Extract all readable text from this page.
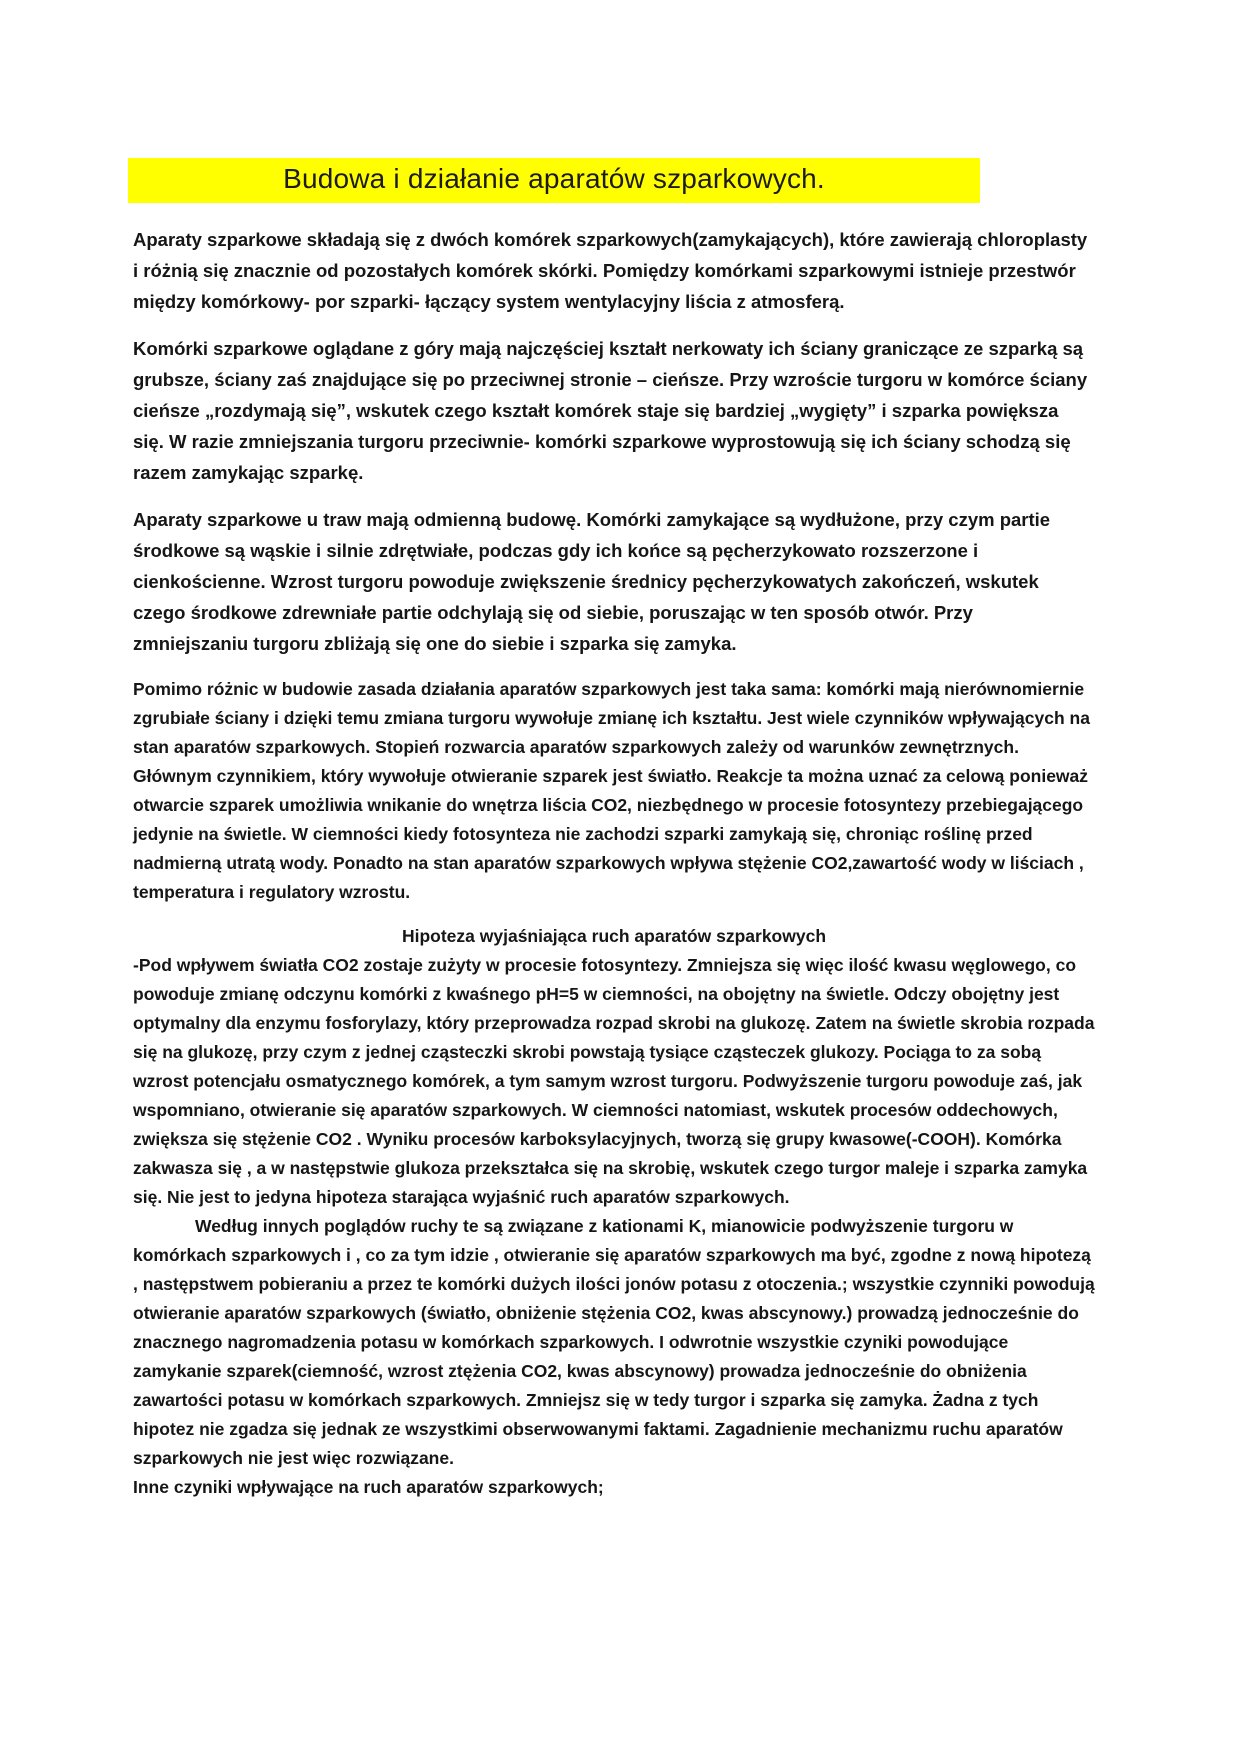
Budowa i działanie aparatów szparkowych.

Aparaty szparkowe składają się z dwóch komórek szparkowych(zamykających), które zawierają chloroplasty i różnią się znacznie od pozostałych komórek skórki. Pomiędzy komórkami szparkowymi istnieje przestwór między komórkowy- por szparki- łączący system wentylacyjny liścia z atmosferą.

Komórki szparkowe oglądane z góry mają najczęściej kształt nerkowaty ich ściany graniczące ze szparką są grubsze, ściany zaś znajdujące się po przeciwnej stronie – cieńsze. Przy wzroście turgoru w komórce ściany cieńsze „rozdymają się”, wskutek czego kształt komórek staje się bardziej „wygięty” i szparka powiększa się. W razie zmniejszania turgoru przeciwnie- komórki szparkowe wyprostowują się ich ściany schodzą się razem zamykając szparkę.

Aparaty szparkowe u traw mają odmienną budowę. Komórki zamykające są wydłużone, przy czym partie środkowe są wąskie i silnie zdrętwiałe, podczas gdy ich końce są pęcherzykowato rozszerzone i cienkościenne. Wzrost turgoru powoduje zwiększenie średnicy pęcherzykowatych zakończeń, wskutek czego środkowe zdrewniałe partie odchylają się od siebie, poruszając w ten sposób otwór. Przy zmniejszaniu turgoru zbliżają się one do siebie i szparka się zamyka.

Pomimo różnic w budowie zasada działania aparatów szparkowych jest taka sama: komórki mają nierównomiernie zgrubiałe ściany i dzięki temu zmiana turgoru wywołuje zmianę ich kształtu. Jest wiele czynników wpływających na stan aparatów szparkowych. Stopień rozwarcia aparatów szparkowych zależy od warunków zewnętrznych. Głównym czynnikiem, który wywołuje otwieranie szparek jest światło. Reakcje ta można uznać za celową ponieważ otwarcie szparek umożliwia wnikanie do wnętrza liścia CO2, niezbędnego w procesie fotosyntezy przebiegającego jedynie na świetle. W ciemności kiedy fotosynteza nie zachodzi szparki zamykają się, chroniąc roślinę przed nadmierną utratą wody. Ponadto na stan aparatów szparkowych wpływa stężenie CO2,zawartość wody w liściach , temperatura i regulatory wzrostu.

Hipoteza wyjaśniająca ruch aparatów szparkowych

-Pod wpływem światła CO2 zostaje zużyty w procesie fotosyntezy. Zmniejsza się więc ilość kwasu węglowego, co powoduje zmianę odczynu komórki z kwaśnego pH=5 w ciemności, na obojętny na świetle. Odczy obojętny jest optymalny dla enzymu fosforylazy, który przeprowadza rozpad skrobi na glukozę. Zatem na świetle skrobia rozpada się na glukozę, przy czym z jednej cząsteczki skrobi powstają tysiące cząsteczek glukozy. Pociąga to za sobą wzrost potencjału osmatycznego komórek, a tym samym wzrost turgoru. Podwyższenie turgoru powoduje zaś, jak wspomniano, otwieranie się aparatów szparkowych. W ciemności natomiast, wskutek procesów oddechowych, zwiększa się stężenie CO2 . Wyniku procesów karboksylacyjnych, tworzą się grupy kwasowe(-COOH). Komórka zakwasza się , a w następstwie glukoza przekształca się na skrobię, wskutek czego turgor maleje i szparka zamyka się. Nie jest to jedyna hipoteza starająca wyjaśnić ruch aparatów szparkowych.

Według innych poglądów ruchy te są związane z kationami K, mianowicie podwyższenie turgoru w komórkach szparkowych i , co za tym idzie , otwieranie się aparatów szparkowych ma być, zgodne z nową hipotezą , następstwem pobieraniu a przez te komórki dużych ilości jonów potasu z otoczenia.; wszystkie czynniki powodują otwieranie aparatów szparkowych (światło, obniżenie stężenia CO2, kwas abscynowy.) prowadzą jednocześnie do znacznego nagromadzenia potasu w komórkach szparkowych. I odwrotnie wszystkie czyniki powodujące zamykanie szparek(ciemność, wzrost ztężenia CO2, kwas abscynowy) prowadza jednocześnie do obniżenia zawartości potasu w komórkach szparkowych. Zmniejsz się w tedy turgor i szparka się zamyka. Żadna z tych hipotez nie zgadza się jednak ze wszystkimi obserwowanymi faktami. Zagadnienie mechanizmu ruchu aparatów szparkowych nie jest więc rozwiązane.

Inne czyniki wpływające na ruch aparatów szparkowych;
